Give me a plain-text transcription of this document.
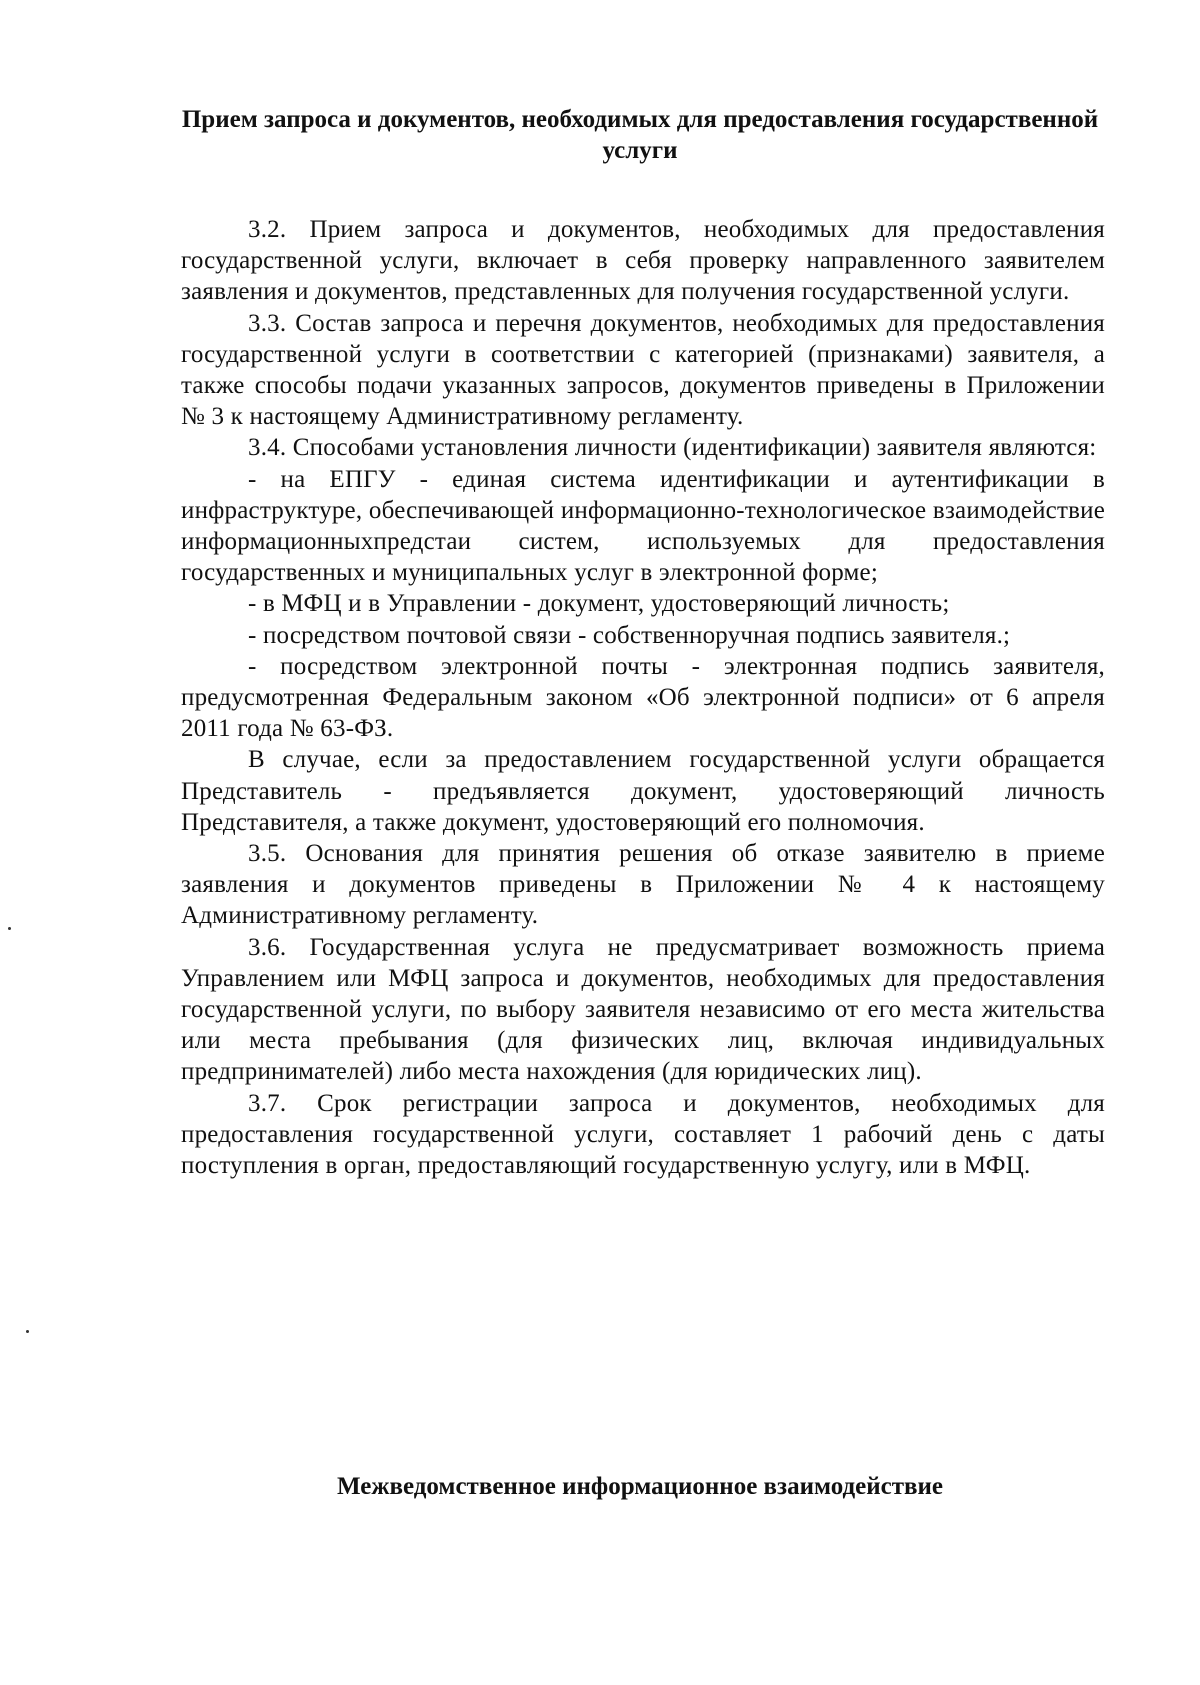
Прием запроса и документов, необходимых для предоставления государственной услуги

3.2. Прием запроса и документов, необходимых для предоставления государственной услуги, включает в себя проверку направленного заявителем заявления и документов, представленных для получения государственной услуги.

3.3. Состав запроса и перечня документов, необходимых для предоставления государственной услуги в соответствии с категорией (признаками) заявителя, а также способы подачи указанных запросов, документов приведены в Приложении № 3 к настоящему Административному регламенту.

3.4. Способами установления личности (идентификации) заявителя являются:

- на ЕПГУ - единая система идентификации и аутентификации в инфраструктуре, обеспечивающей информационно-технологическое взаимодействие информационныхпредстаи систем, используемых для предоставления государственных и муниципальных услуг в электронной форме;

- в МФЦ и в Управлении - документ, удостоверяющий личность;

- посредством почтовой связи - собственноручная подпись заявителя.;

- посредством электронной почты - электронная подпись заявителя, предусмотренная Федеральным законом «Об электронной подписи» от 6 апреля 2011 года № 63-ФЗ.

В случае, если за предоставлением государственной услуги обращается Представитель - предъявляется документ, удостоверяющий личность Представителя, а также документ, удостоверяющий его полномочия.

3.5. Основания для принятия решения об отказе заявителю в приеме заявления и документов приведены в Приложении № 4 к настоящему Административному регламенту.

3.6. Государственная услуга не предусматривает возможность приема Управлением или МФЦ запроса и документов, необходимых для предоставления государственной услуги, по выбору заявителя независимо от его места жительства или места пребывания (для физических лиц, включая индивидуальных предпринимателей) либо места нахождения (для юридических лиц).

3.7. Срок регистрации запроса и документов, необходимых для предоставления государственной услуги, составляет 1 рабочий день с даты поступления в орган, предоставляющий государственную услугу, или в МФЦ.

Межведомственное информационное взаимодействие
